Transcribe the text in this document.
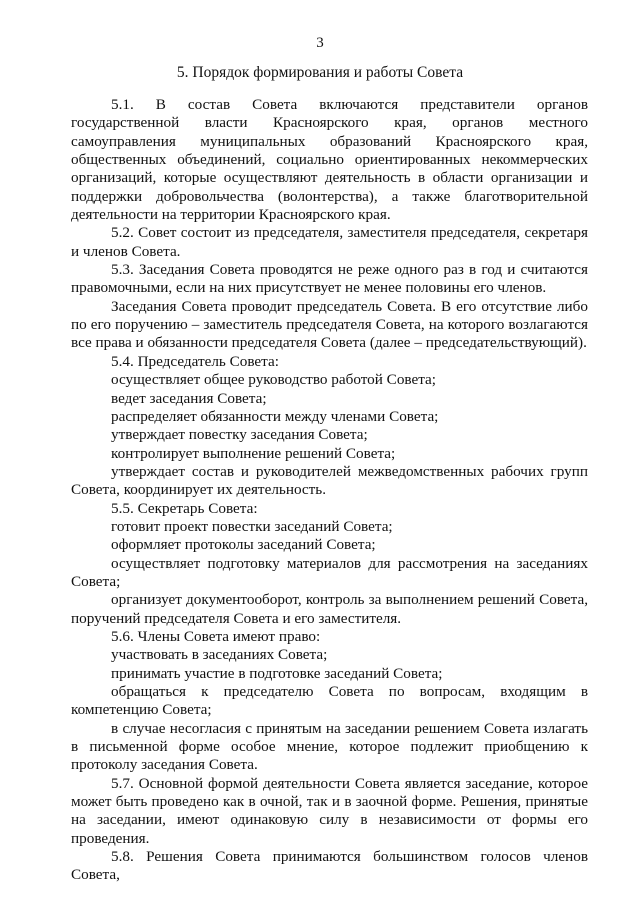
3
5. Порядок формирования и работы Совета

5.1. В состав Совета включаются представители органов государственной власти Красноярского края, органов местного самоуправления муниципальных образований Красноярского края, общественных объединений, социально ориентированных некоммерческих организаций, которые осуществляют деятельность в области организации и поддержки добровольчества (волонтерства), а также благотворительной деятельности на территории Красноярского края.

5.2. Совет состоит из председателя, заместителя председателя, секретаря и членов Совета.

5.3. Заседания Совета проводятся не реже одного раз в год и считаются правомочными, если на них присутствует не менее половины его членов.

Заседания Совета проводит председатель Совета. В его отсутствие либо по его поручению – заместитель председателя Совета, на которого возлагаются все права и обязанности председателя Совета (далее – председательствующий).

5.4. Председатель Совета:

осуществляет общее руководство работой Совета;

ведет заседания Совета;

распределяет обязанности между членами Совета;

утверждает повестку заседания Совета;

контролирует выполнение решений Совета;

утверждает состав и руководителей межведомственных рабочих групп Совета, координирует их деятельность.

5.5. Секретарь Совета:

готовит проект повестки заседаний Совета;

оформляет протоколы заседаний Совета;

осуществляет подготовку материалов для рассмотрения на заседаниях Совета;

организует документооборот, контроль за выполнением решений Совета, поручений председателя Совета и его заместителя.

5.6. Члены Совета имеют право:

участвовать в заседаниях Совета;

принимать участие в подготовке заседаний Совета;

обращаться к председателю Совета по вопросам, входящим в компетенцию Совета;

в случае несогласия с принятым на заседании решением Совета излагать в письменной форме особое мнение, которое подлежит приобщению к протоколу заседания Совета.

5.7. Основной формой деятельности Совета является заседание, которое может быть проведено как в очной, так и в заочной форме. Решения, принятые на заседании, имеют одинаковую силу в независимости от формы его проведения.

5.8. Решения Совета принимаются большинством голосов членов Совета,
